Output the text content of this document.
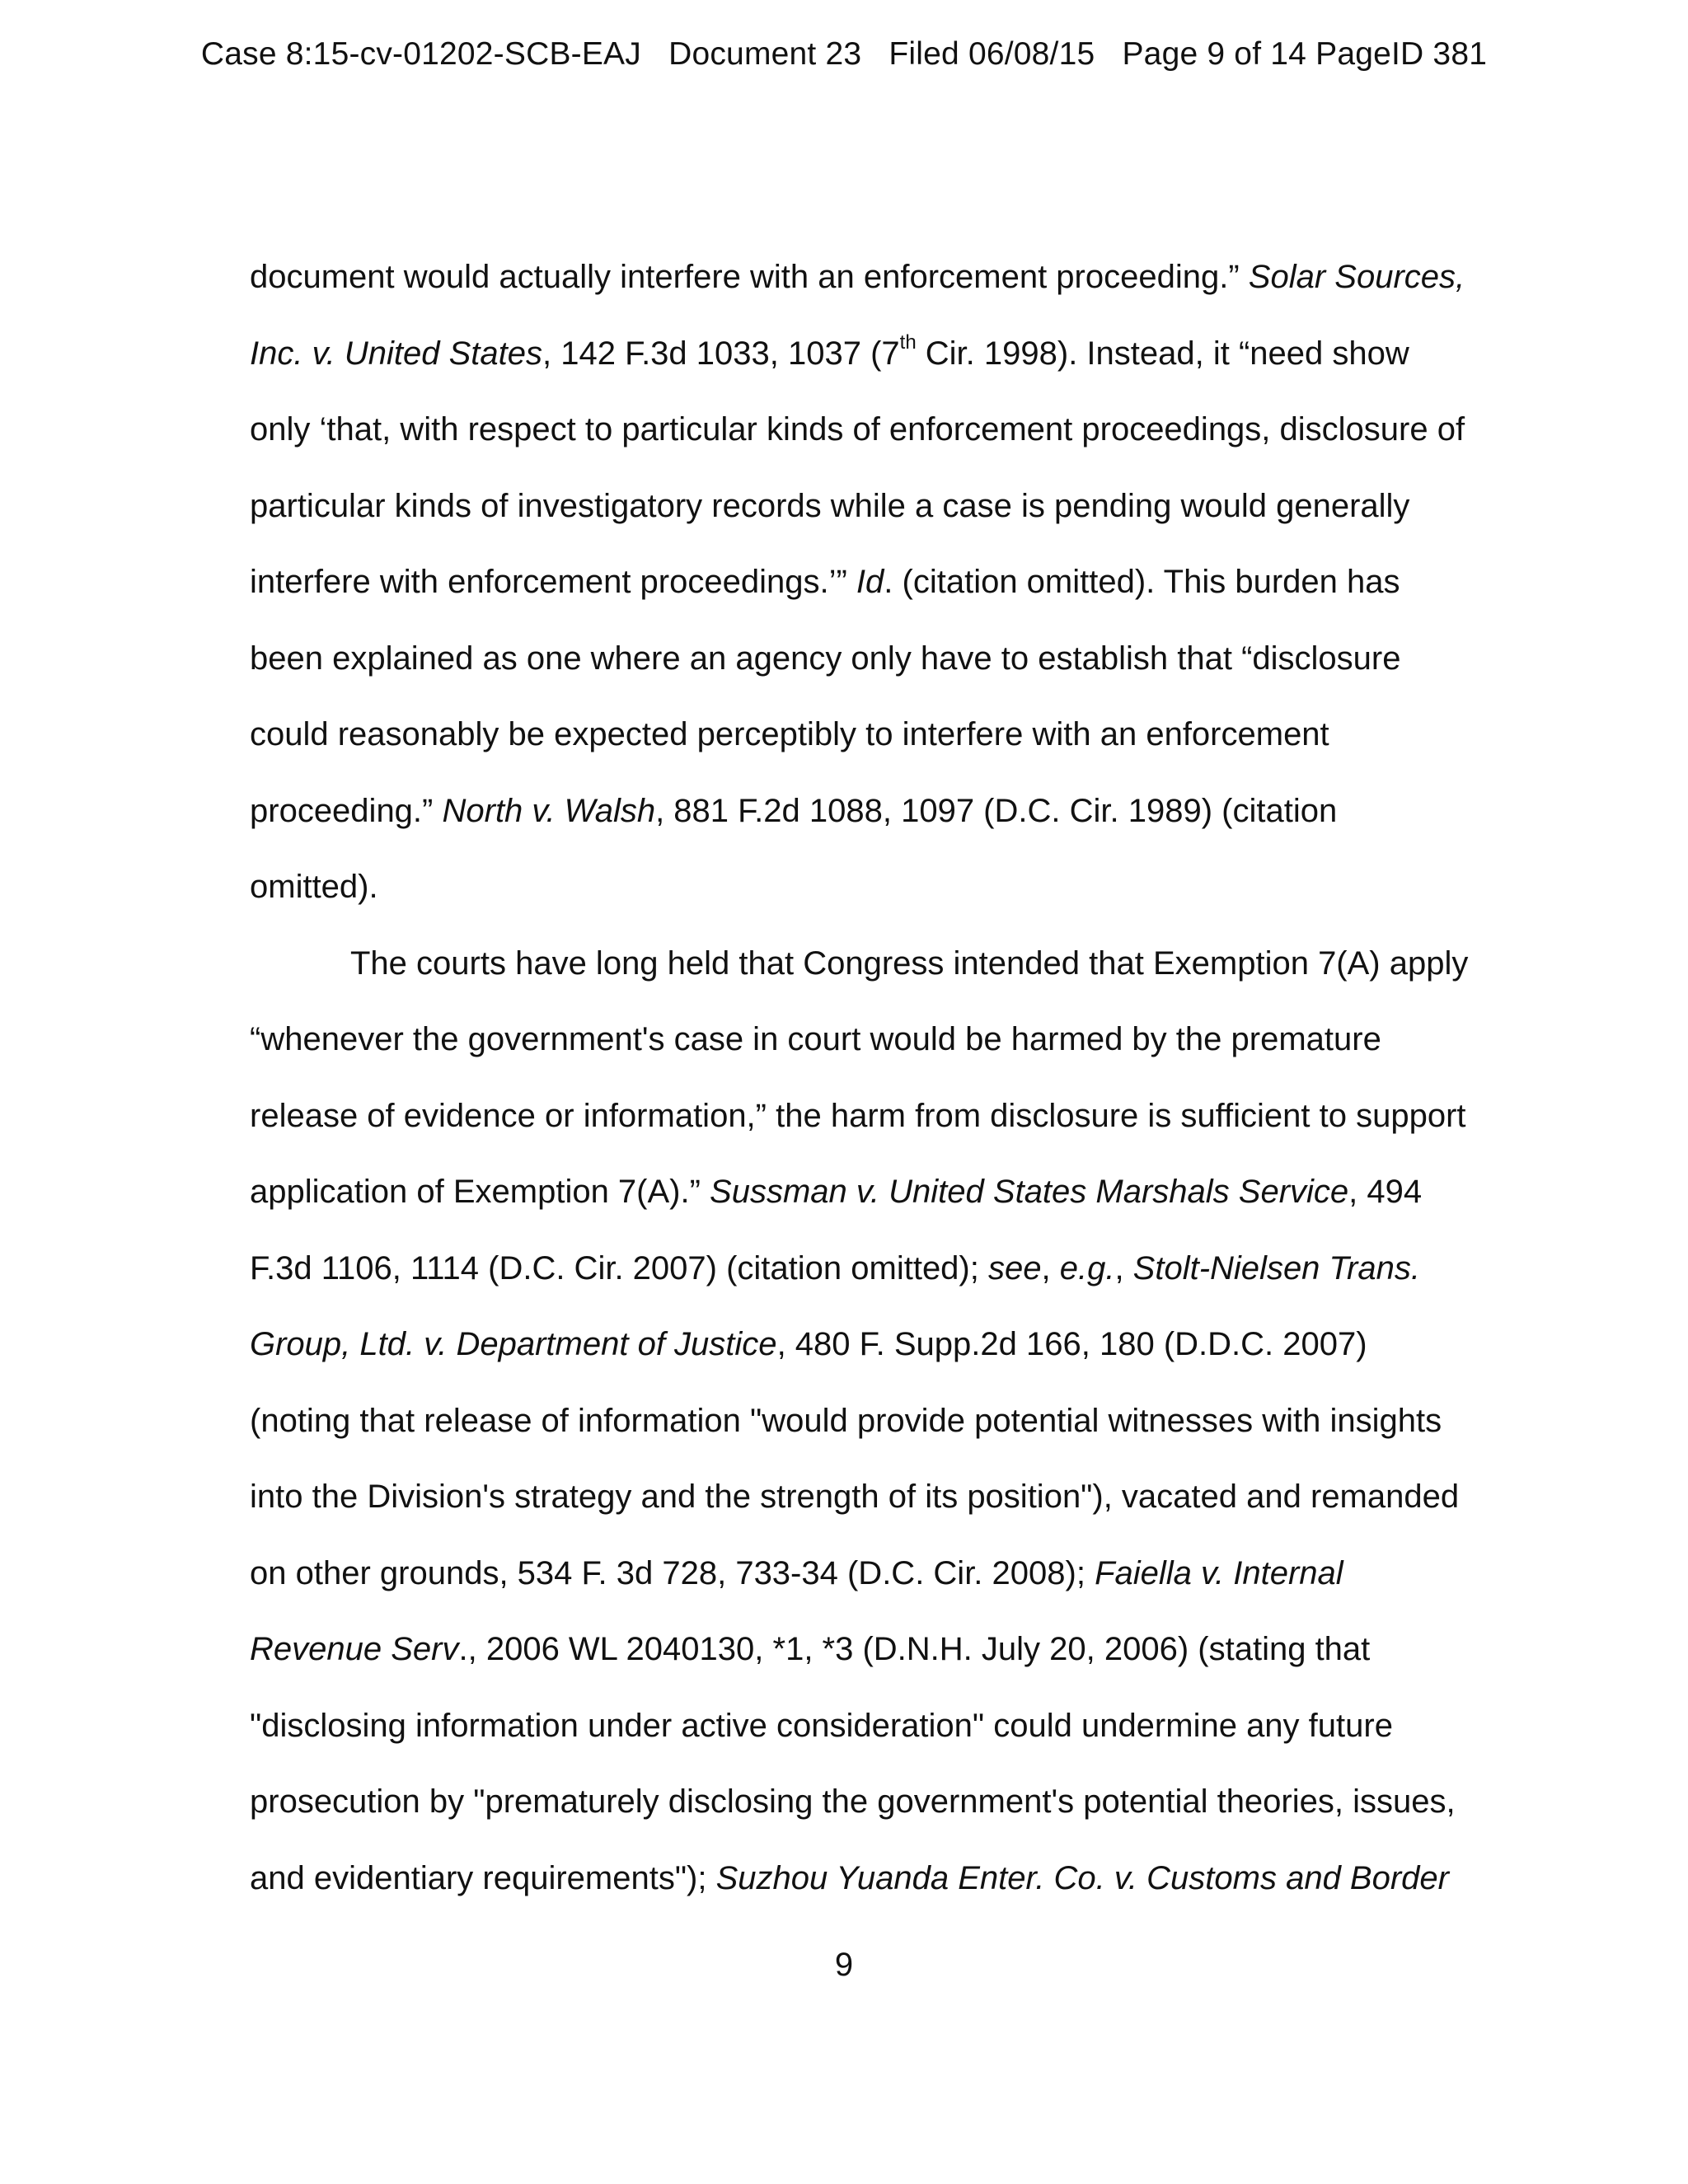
Case 8:15-cv-01202-SCB-EAJ Document 23 Filed 06/08/15 Page 9 of 14 PageID 381
document would actually interfere with an enforcement proceeding.” Solar Sources,
Inc. v. United States, 142 F.3d 1033, 1037 (7th Cir. 1998). Instead, it “need show
only ‘that, with respect to particular kinds of enforcement proceedings, disclosure of
particular kinds of investigatory records while a case is pending would generally
interfere with enforcement proceedings.’” Id. (citation omitted). This burden has
been explained as one where an agency only have to establish that “disclosure
could reasonably be expected perceptibly to interfere with an enforcement
proceeding.” North v. Walsh, 881 F.2d 1088, 1097 (D.C. Cir. 1989) (citation
omitted).
The courts have long held that Congress intended that Exemption 7(A) apply
“whenever the government's case in court would be harmed by the premature
release of evidence or information,” the harm from disclosure is sufficient to support
application of Exemption 7(A).” Sussman v. United States Marshals Service, 494
F.3d 1106, 1114 (D.C. Cir. 2007) (citation omitted); see, e.g., Stolt-Nielsen Trans.
Group, Ltd. v. Department of Justice, 480 F. Supp.2d 166, 180 (D.D.C. 2007)
(noting that release of information "would provide potential witnesses with insights
into the Division's strategy and the strength of its position"), vacated and remanded
on other grounds, 534 F. 3d 728, 733-34 (D.C. Cir. 2008); Faiella v. Internal
Revenue Serv., 2006 WL 2040130, *1, *3 (D.N.H. July 20, 2006) (stating that
"disclosing information under active consideration" could undermine any future
prosecution by "prematurely disclosing the government's potential theories, issues,
and evidentiary requirements"); Suzhou Yuanda Enter. Co. v. Customs and Border
9
